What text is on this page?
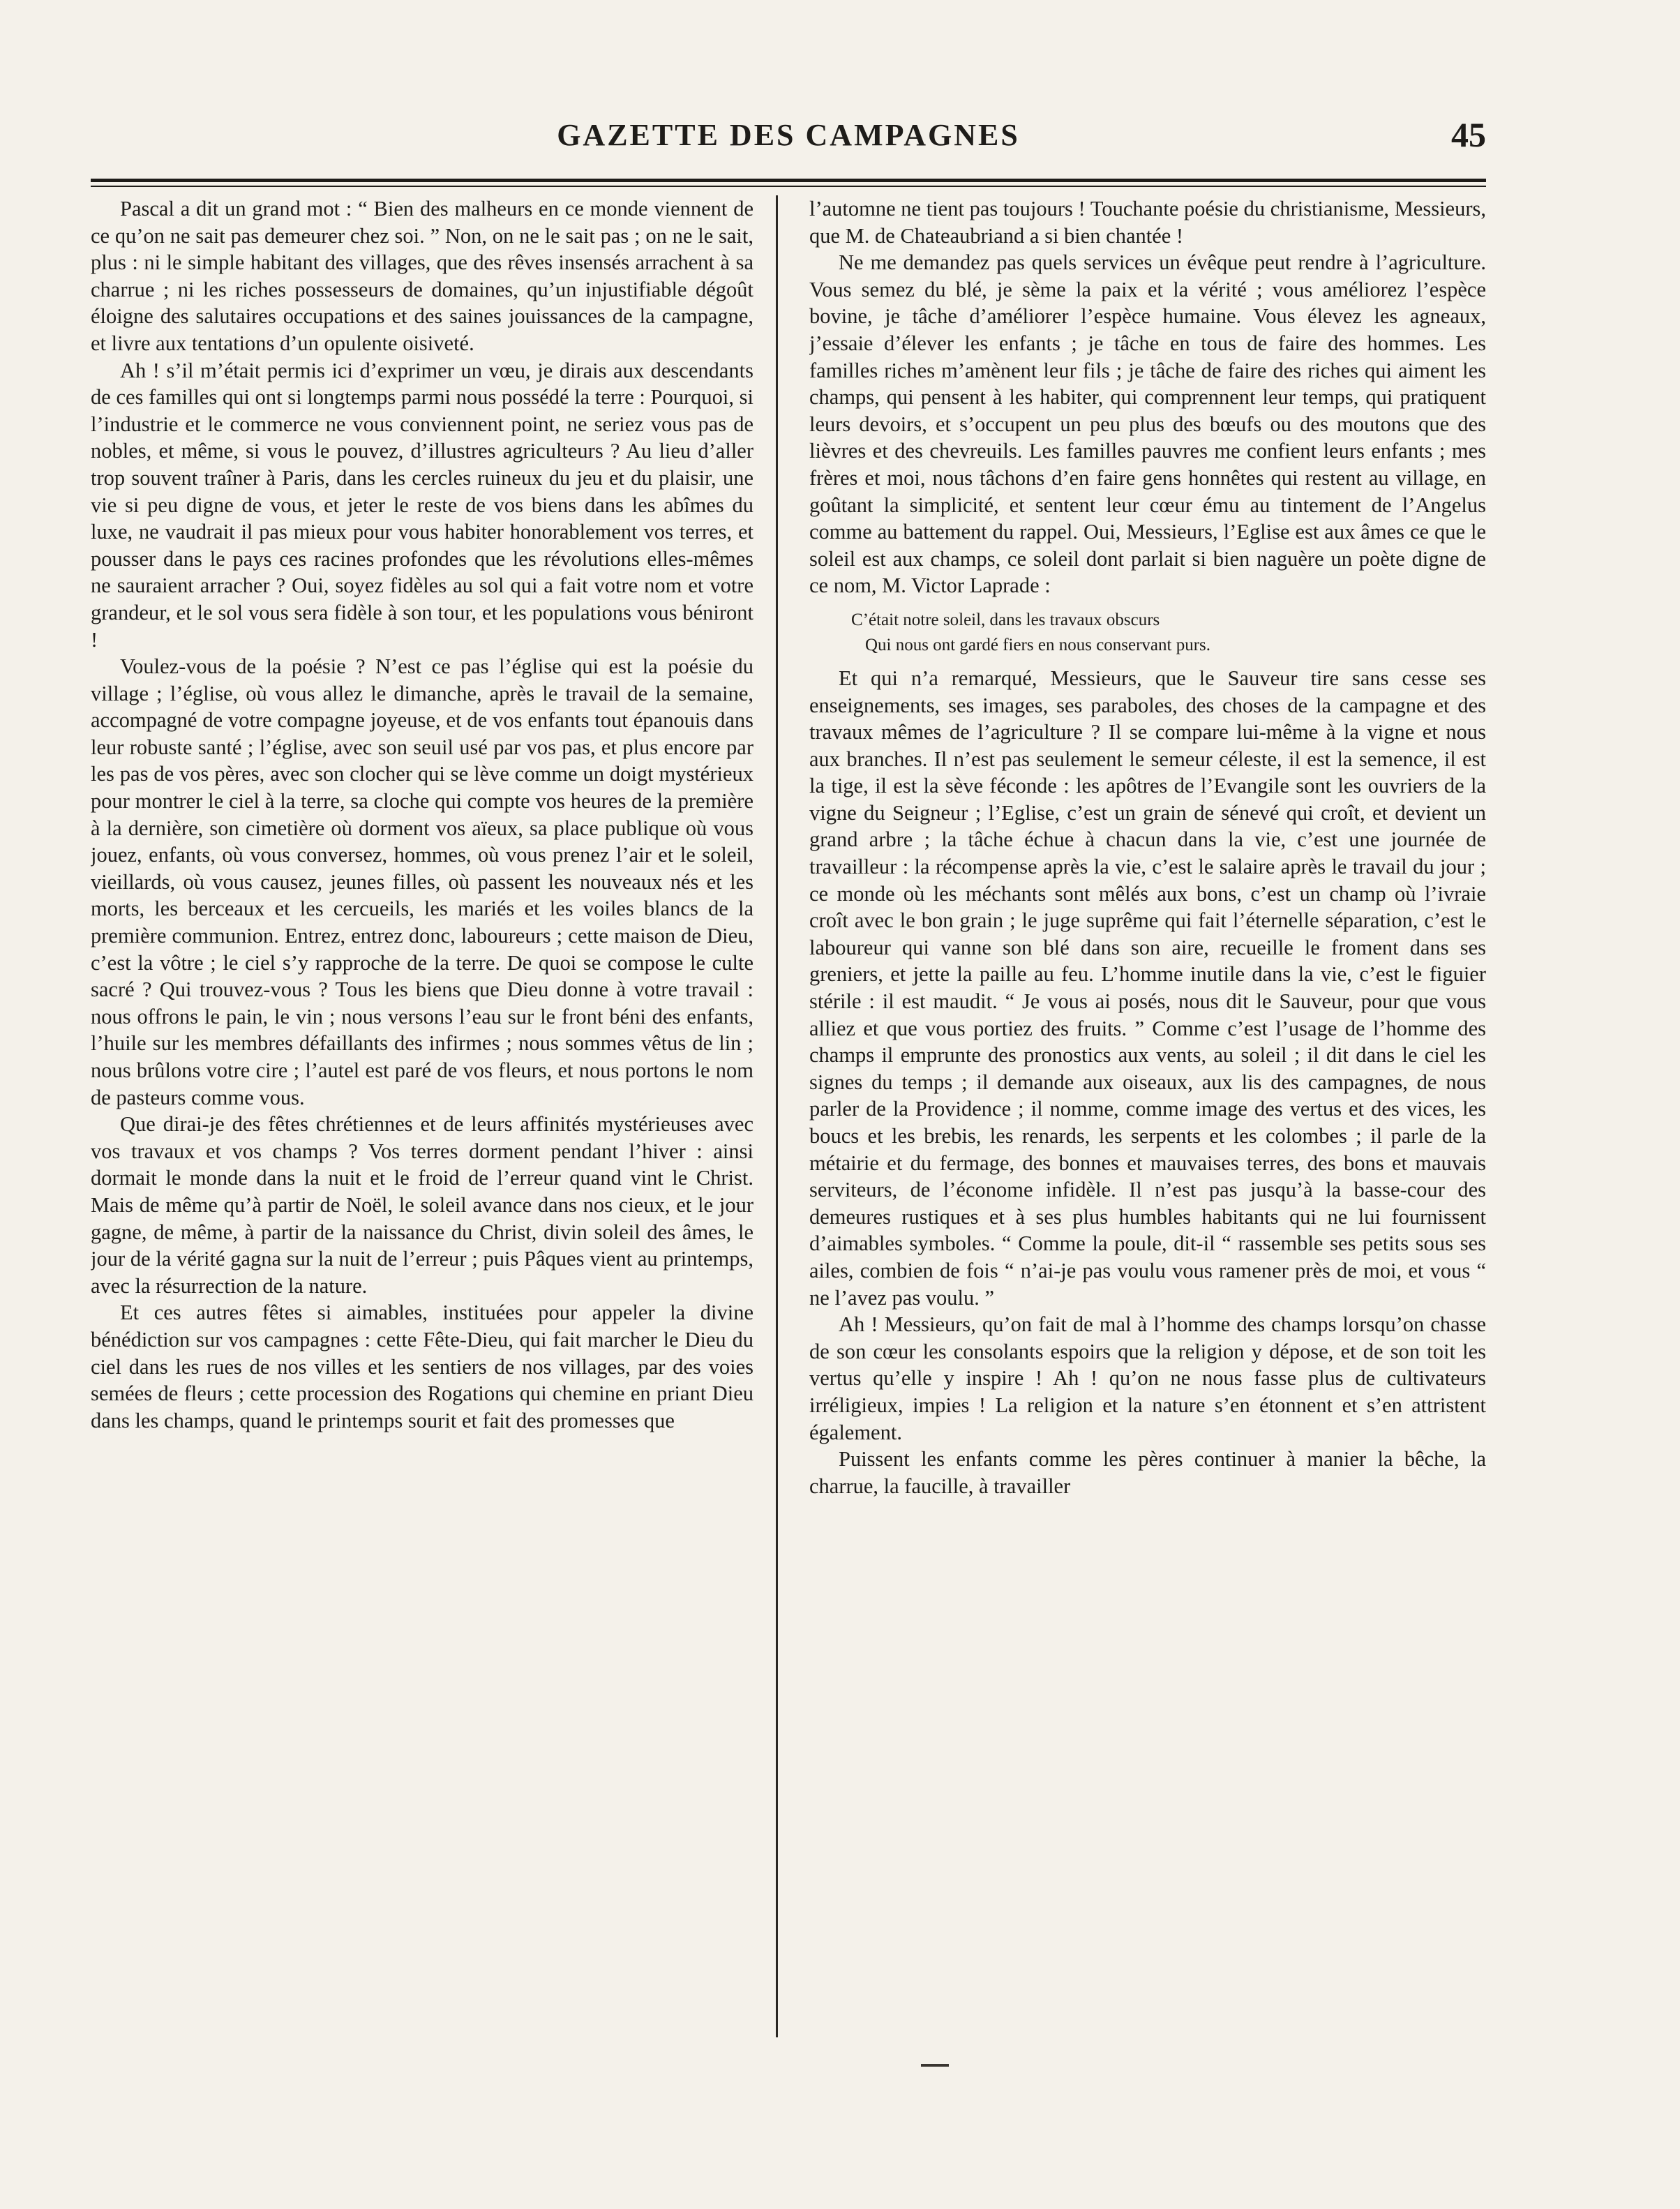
GAZETTE DES CAMPAGNES	45

Pascal a dit un grand mot : “ Bien des malheurs en ce monde viennent de ce qu’on ne sait pas demeurer chez soi. ” Non, on ne le sait pas ; on ne le sait, plus : ni le simple habitant des villages, que des rêves insensés arrachent à sa charrue ; ni les riches possesseurs de domaines, qu’un injustifiable dégoût éloigne des salutaires occupations et des saines jouissances de la campagne, et livre aux tentations d’un opulente oisiveté.

Ah ! s’il m’était permis ici d’exprimer un vœu, je dirais aux descendants de ces familles qui ont si longtemps parmi nous possédé la terre : Pourquoi, si l’industrie et le commerce ne vous conviennent point, ne seriez vous pas de nobles, et même, si vous le pouvez, d’illustres agriculteurs ? Au lieu d’aller trop souvent traîner à Paris, dans les cercles ruineux du jeu et du plaisir, une vie si peu digne de vous, et jeter le reste de vos biens dans les abîmes du luxe, ne vaudrait il pas mieux pour vous habiter honorablement vos terres, et pousser dans le pays ces racines profondes que les révolutions elles-mêmes ne sauraient arracher ? Oui, soyez fidèles au sol qui a fait votre nom et votre grandeur, et le sol vous sera fidèle à son tour, et les populations vous béniront !

Voulez-vous de la poésie ? N’est ce pas l’église qui est la poésie du village ; l’église, où vous allez le dimanche, après le travail de la semaine, accompagné de votre compagne joyeuse, et de vos enfants tout épanouis dans leur robuste santé ; l’église, avec son seuil usé par vos pas, et plus encore par les pas de vos pères, avec son clocher qui se lève comme un doigt mystérieux pour montrer le ciel à la terre, sa cloche qui compte vos heures de la première à la dernière, son cimetière où dorment vos aïeux, sa place publique où vous jouez, enfants, où vous conversez, hommes, où vous prenez l’air et le soleil, vieillards, où vous causez, jeunes filles, où passent les nouveaux nés et les morts, les berceaux et les cercueils, les mariés et les voiles blancs de la première communion. Entrez, entrez donc, laboureurs ; cette maison de Dieu, c’est la vôtre ; le ciel s’y rapproche de la terre. De quoi se compose le culte sacré ? Qui trouvez-vous ? Tous les biens que Dieu donne à votre travail : nous offrons le pain, le vin ; nous versons l’eau sur le front béni des enfants, l’huile sur les membres défaillants des infirmes ; nous sommes vêtus de lin ; nous brûlons votre cire ; l’autel est paré de vos fleurs, et nous portons le nom de pasteurs comme vous.

Que dirai-je des fêtes chrétiennes et de leurs affinités mystérieuses avec vos travaux et vos champs ? Vos terres dorment pendant l’hiver : ainsi dormait le monde dans la nuit et le froid de l’erreur quand vint le Christ. Mais de même qu’à partir de Noël, le soleil avance dans nos cieux, et le jour gagne, de même, à partir de la naissance du Christ, divin soleil des âmes, le jour de la vérité gagna sur la nuit de l’erreur ; puis Pâques vient au printemps, avec la résurrection de la nature.

Et ces autres fêtes si aimables, instituées pour appeler la divine bénédiction sur vos campagnes : cette Fête-Dieu, qui fait marcher le Dieu du ciel dans les rues de nos villes et les sentiers de nos villages, par des voies semées de fleurs ; cette procession des Rogations qui chemine en priant Dieu dans les champs, quand le printemps sourit et fait des promesses que

l’automne ne tient pas toujours ! Touchante poésie du christianisme, Messieurs, que M. de Chateaubriand a si bien chantée !

Ne me demandez pas quels services un évêque peut rendre à l’agriculture. Vous semez du blé, je sème la paix et la vérité ; vous améliorez l’espèce bovine, je tâche d’améliorer l’espèce humaine. Vous élevez les agneaux, j’essaie d’élever les enfants ; je tâche en tous de faire des hommes. Les familles riches m’amènent leur fils ; je tâche de faire des riches qui aiment les champs, qui pensent à les habiter, qui comprennent leur temps, qui pratiquent leurs devoirs, et s’occupent un peu plus des bœufs ou des moutons que des lièvres et des chevreuils. Les familles pauvres me confient leurs enfants ; mes frères et moi, nous tâchons d’en faire gens honnêtes qui restent au village, en goûtant la simplicité, et sentent leur cœur ému au tintement de l’Angelus comme au battement du rappel. Oui, Messieurs, l’Eglise est aux âmes ce que le soleil est aux champs, ce soleil dont parlait si bien naguère un poète digne de ce nom, M. Victor Laprade :

C’était notre soleil, dans les travaux obscurs
Qui nous ont gardé fiers en nous conservant purs.

Et qui n’a remarqué, Messieurs, que le Sauveur tire sans cesse ses enseignements, ses images, ses paraboles, des choses de la campagne et des travaux mêmes de l’agriculture ? Il se compare lui-même à la vigne et nous aux branches. Il n’est pas seulement le semeur céleste, il est la semence, il est la tige, il est la sève féconde : les apôtres de l’Evangile sont les ouvriers de la vigne du Seigneur ; l’Eglise, c’est un grain de sénevé qui croît, et devient un grand arbre ; la tâche échue à chacun dans la vie, c’est une journée de travailleur : la récompense après la vie, c’est le salaire après le travail du jour ; ce monde où les méchants sont mêlés aux bons, c’est un champ où l’ivraie croît avec le bon grain ; le juge suprême qui fait l’éternelle séparation, c’est le laboureur qui vanne son blé dans son aire, recueille le froment dans ses greniers, et jette la paille au feu. L’homme inutile dans la vie, c’est le figuier stérile : il est maudit. “ Je vous ai posés, nous dit le Sauveur, pour que vous alliez et que vous portiez des fruits. ” Comme c’est l’usage de l’homme des champs il emprunte des pronostics aux vents, au soleil ; il dit dans le ciel les signes du temps ; il demande aux oiseaux, aux lis des campagnes, de nous parler de la Providence ; il nomme, comme image des vertus et des vices, les boucs et les brebis, les renards, les serpents et les colombes ; il parle de la métairie et du fermage, des bonnes et mauvaises terres, des bons et mauvais serviteurs, de l’économe infidèle. Il n’est pas jusqu’à la basse-cour des demeures rustiques et à ses plus humbles habitants qui ne lui fournissent d’aimables symboles. “ Comme la poule, dit-il “ rassemble ses petits sous ses ailes, combien de fois “ n’ai-je pas voulu vous ramener près de moi, et vous “ ne l’avez pas voulu. ”

Ah ! Messieurs, qu’on fait de mal à l’homme des champs lorsqu’on chasse de son cœur les consolants espoirs que la religion y dépose, et de son toit les vertus qu’elle y inspire ! Ah ! qu’on ne nous fasse plus de cultivateurs irréligieux, impies ! La religion et la nature s’en étonnent et s’en attristent également.

Puissent les enfants comme les pères continuer à manier la bêche, la charrue, la faucille, à travailler
